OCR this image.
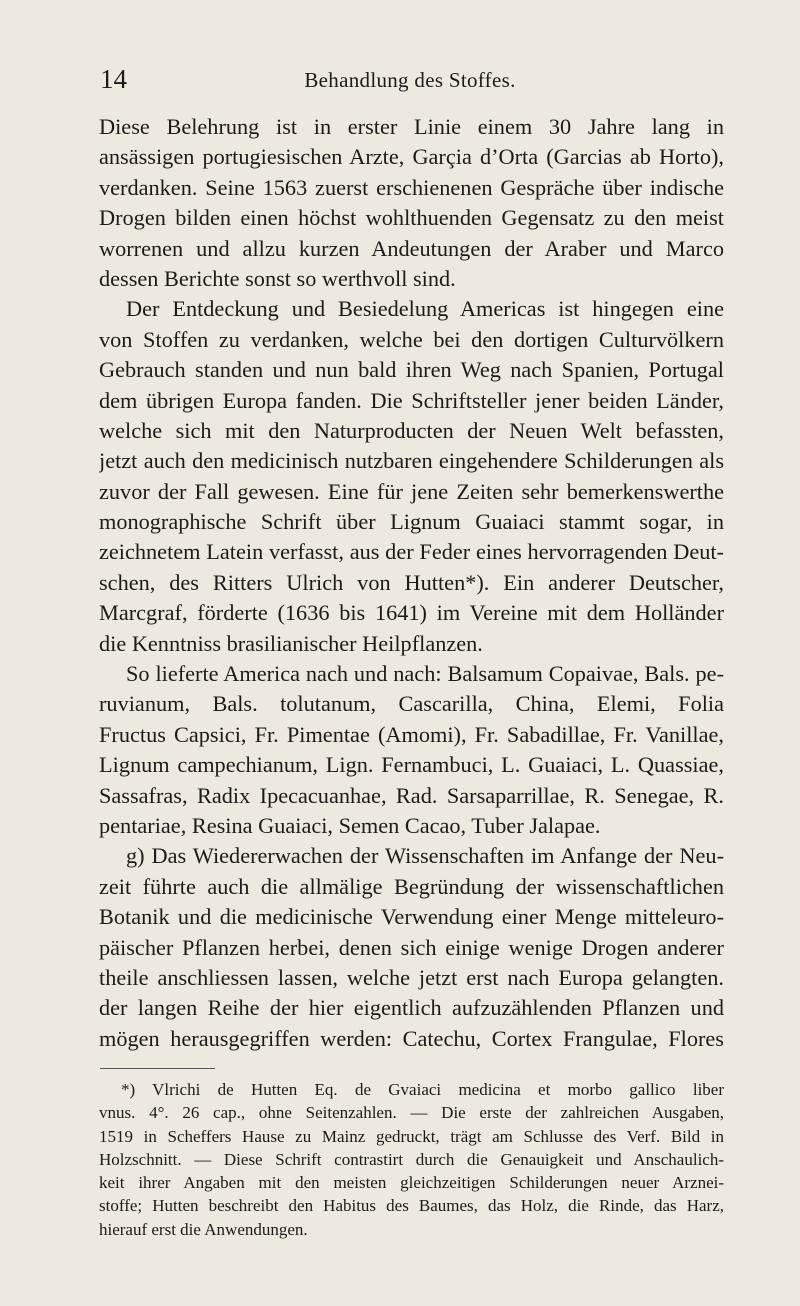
14	Behandlung des Stoffes.
Diese Belehrung ist in erster Linie einem 30 Jahre lang in
ansässigen portugiesischen Arzte, Garçia d’Orta (Garcias ab Horto),
verdanken. Seine 1563 zuerst erschienenen Gespräche über indische
Drogen bilden einen höchst wohlthuenden Gegensatz zu den meist
worrenen und allzu kurzen Andeutungen der Araber und Marco
dessen Berichte sonst so werthvoll sind.
Der Entdeckung und Besiedelung Americas ist hingegen eine
von Stoffen zu verdanken, welche bei den dortigen Culturvölkern
Gebrauch standen und nun bald ihren Weg nach Spanien, Portugal
dem übrigen Europa fanden. Die Schriftsteller jener beiden Länder,
welche sich mit den Naturproducten der Neuen Welt befassten,
jetzt auch den medicinisch nutzbaren eingehendere Schilderungen als
zuvor der Fall gewesen. Eine für jene Zeiten sehr bemerkenswerthe
monographische Schrift über Lignum Guaiaci stammt sogar, in
zeichnetem Latein verfasst, aus der Feder eines hervorragenden Deut-
schen, des Ritters Ulrich von Hutten*). Ein anderer Deutscher,
Marcgraf, förderte (1636 bis 1641) im Vereine mit dem Holländer
die Kenntniss brasilianischer Heilpflanzen.
So lieferte America nach und nach: Balsamum Copaivae, Bals. pe-
ruvianum, Bals. tolutanum, Cascarilla, China, Elemi, Folia
Fructus Capsici, Fr. Pimentae (Amomi), Fr. Sabadillae, Fr. Vanillae,
Lignum campechianum, Lign. Fernambuci, L. Guaiaci, L. Quassiae,
Sassafras, Radix Ipecacuanhae, Rad. Sarsaparrillae, R. Senegae, R.
pentariae, Resina Guaiaci, Semen Cacao, Tuber Jalapae.
g) Das Wiedererwachen der Wissenschaften im Anfange der Neu-
zeit führte auch die allmälige Begründung der wissenschaftlichen
Botanik und die medicinische Verwendung einer Menge mitteleuro-
päischer Pflanzen herbei, denen sich einige wenige Drogen anderer
theile anschliessen lassen, welche jetzt erst nach Europa gelangten.
der langen Reihe der hier eigentlich aufzuzählenden Pflanzen und
mögen herausgegriffen werden: Catechu, Cortex Frangulae, Flores
*) Vlrichi de Hutten Eq. de Gvaiaci medicina et morbo gallico liber
vnus. 4°. 26 cap., ohne Seitenzahlen. — Die erste der zahlreichen Ausgaben,
1519 in Scheffers Hause zu Mainz gedruckt, trägt am Schlusse des Verf. Bild in
Holzschnitt. — Diese Schrift contrastirt durch die Genauigkeit und Anschaulich-
keit ihrer Angaben mit den meisten gleichzeitigen Schilderungen neuer Arznei-
stoffe; Hutten beschreibt den Habitus des Baumes, das Holz, die Rinde, das Harz,
hierauf erst die Anwendungen.
